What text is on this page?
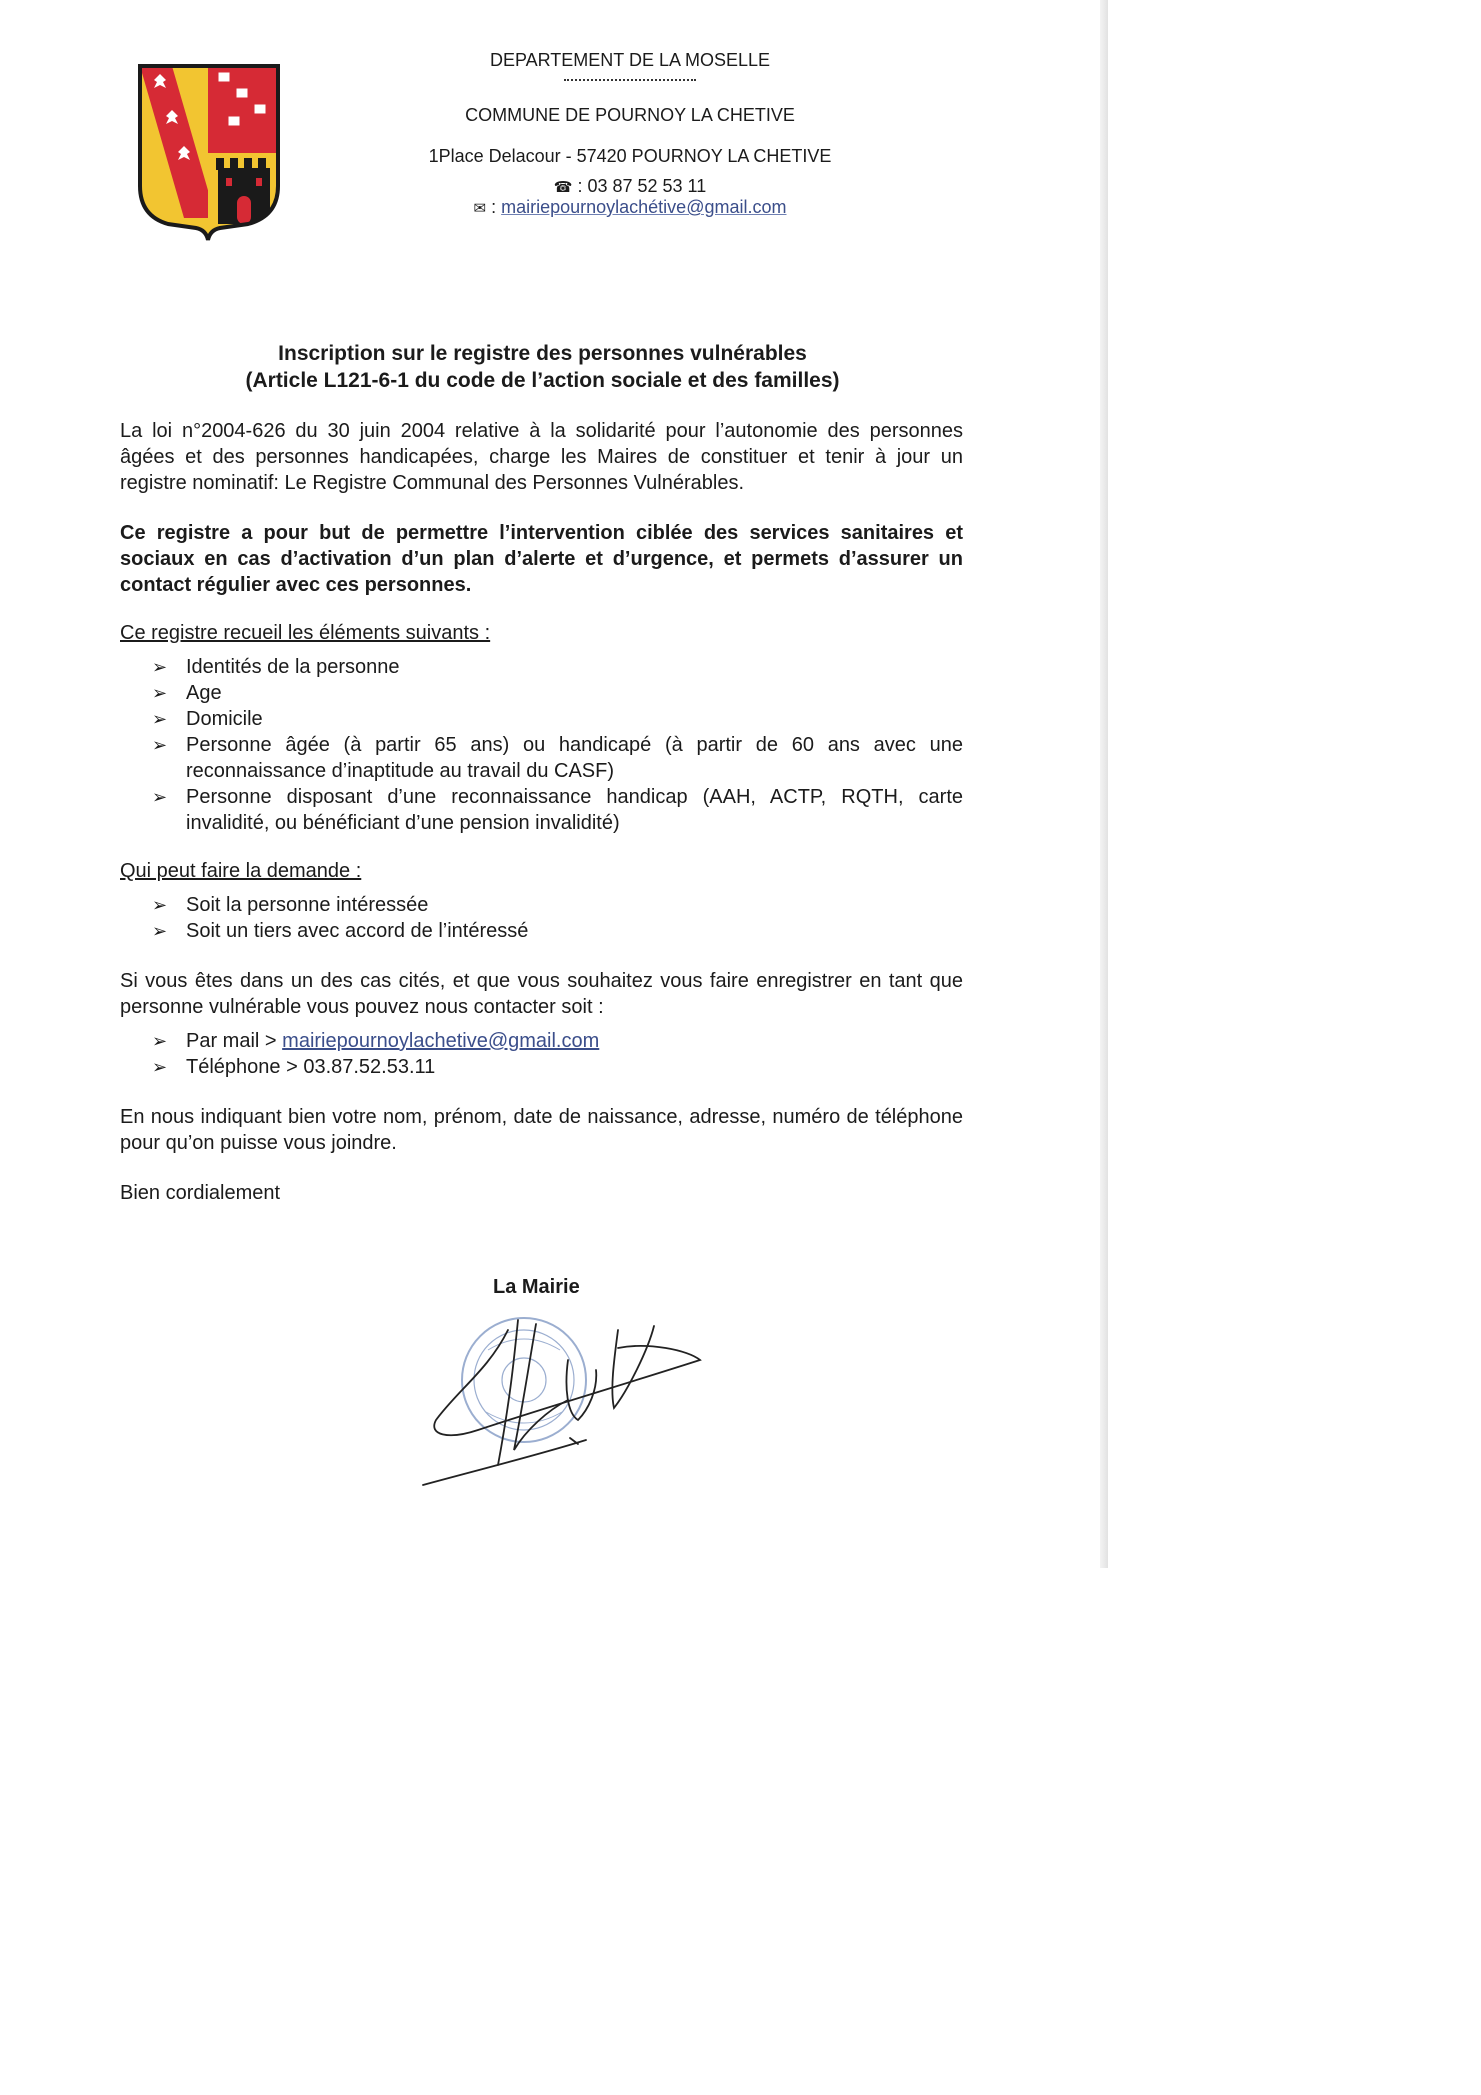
DEPARTEMENT DE LA MOSELLE
COMMUNE DE POURNOY LA CHETIVE
1Place Delacour - 57420 POURNOY LA CHETIVE
☎ : 03 87 52 53 11
✉ : mairiepournoylachétive@gmail.com
Inscription sur le registre des personnes vulnérables
(Article L121-6-1 du code de l’action sociale et des familles)

La loi n°2004-626 du 30 juin 2004 relative à la solidarité pour l’autonomie des personnes âgées et des personnes handicapées, charge les Maires de constituer et tenir à jour un registre nominatif: Le Registre Communal des Personnes Vulnérables.

Ce registre a pour but de permettre l’intervention ciblée des services sanitaires et sociaux en cas d’activation d’un plan d’alerte et d’urgence, et permets d’assurer un contact régulier avec ces personnes.

Ce registre recueil les éléments suivants :
➢ Identités de la personne
➢ Age
➢ Domicile
➢ Personne âgée (à partir 65 ans) ou handicapé (à partir de 60 ans avec une reconnaissance d’inaptitude au travail du CASF)
➢ Personne disposant d’une reconnaissance handicap (AAH, ACTP, RQTH, carte invalidité, ou bénéficiant d’une pension invalidité)
Qui peut faire la demande :
➢ Soit la personne intéressée
➢ Soit un tiers avec accord de l’intéressé

Si vous êtes dans un des cas cités, et que vous souhaitez vous faire enregistrer en tant que personne vulnérable vous pouvez nous contacter soit :

➢ Par mail > mairiepournoylachetive@gmail.com
➢ Téléphone > 03.87.52.53.11

En nous indiquant bien votre nom, prénom, date de naissance, adresse, numéro de téléphone pour qu’on puisse vous joindre.

Bien cordialement

La Mairie
